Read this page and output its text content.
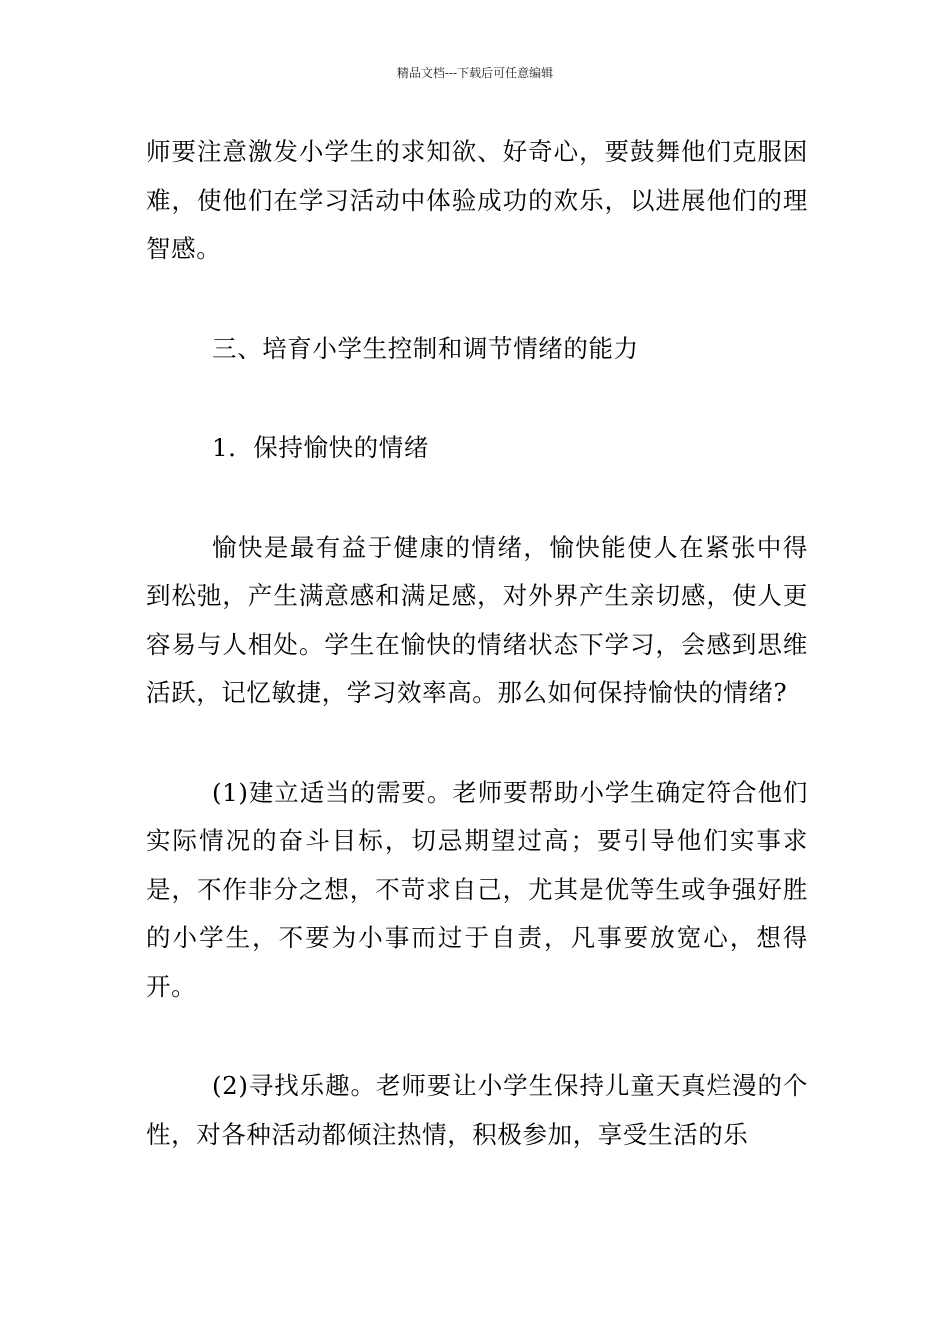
精品文档---下载后可任意编辑

师要注意激发小学生的求知欲、好奇心，要鼓舞他们克服困难，使他们在学习活动中体验成功的欢乐，以进展他们的理智感。

三、培育小学生控制和调节情绪的能力

1．保持愉快的情绪

愉快是最有益于健康的情绪，愉快能使人在紧张中得到松弛，产生满意感和满足感，对外界产生亲切感，使人更容易与人相处。学生在愉快的情绪状态下学习，会感到思维活跃，记忆敏捷，学习效率高。那么如何保持愉快的情绪?

(1)建立适当的需要。老师要帮助小学生确定符合他们实际情况的奋斗目标，切忌期望过高；要引导他们实事求是，不作非分之想，不苛求自己，尤其是优等生或争强好胜的小学生，不要为小事而过于自责，凡事要放宽心，想得开。

(2)寻找乐趣。老师要让小学生保持儿童天真烂漫的个性，对各种活动都倾注热情，积极参加，享受生活的乐
